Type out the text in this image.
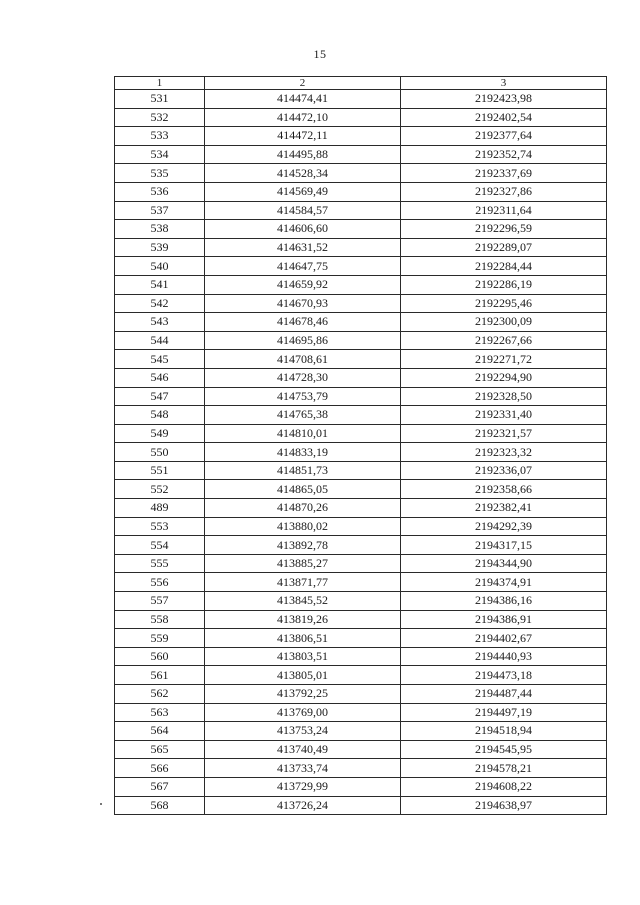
15
1	2	3
531	414474,41	2192423,98
532	414472,10	2192402,54
533	414472,11	2192377,64
534	414495,88	2192352,74
535	414528,34	2192337,69
536	414569,49	2192327,86
537	414584,57	2192311,64
538	414606,60	2192296,59
539	414631,52	2192289,07
540	414647,75	2192284,44
541	414659,92	2192286,19
542	414670,93	2192295,46
543	414678,46	2192300,09
544	414695,86	2192267,66
545	414708,61	2192271,72
546	414728,30	2192294,90
547	414753,79	2192328,50
548	414765,38	2192331,40
549	414810,01	2192321,57
550	414833,19	2192323,32
551	414851,73	2192336,07
552	414865,05	2192358,66
489	414870,26	2192382,41
553	413880,02	2194292,39
554	413892,78	2194317,15
555	413885,27	2194344,90
556	413871,77	2194374,91
557	413845,52	2194386,16
558	413819,26	2194386,91
559	413806,51	2194402,67
560	413803,51	2194440,93
561	413805,01	2194473,18
562	413792,25	2194487,44
563	413769,00	2194497,19
564	413753,24	2194518,94
565	413740,49	2194545,95
566	413733,74	2194578,21
567	413729,99	2194608,22
568	413726,24	2194638,97
